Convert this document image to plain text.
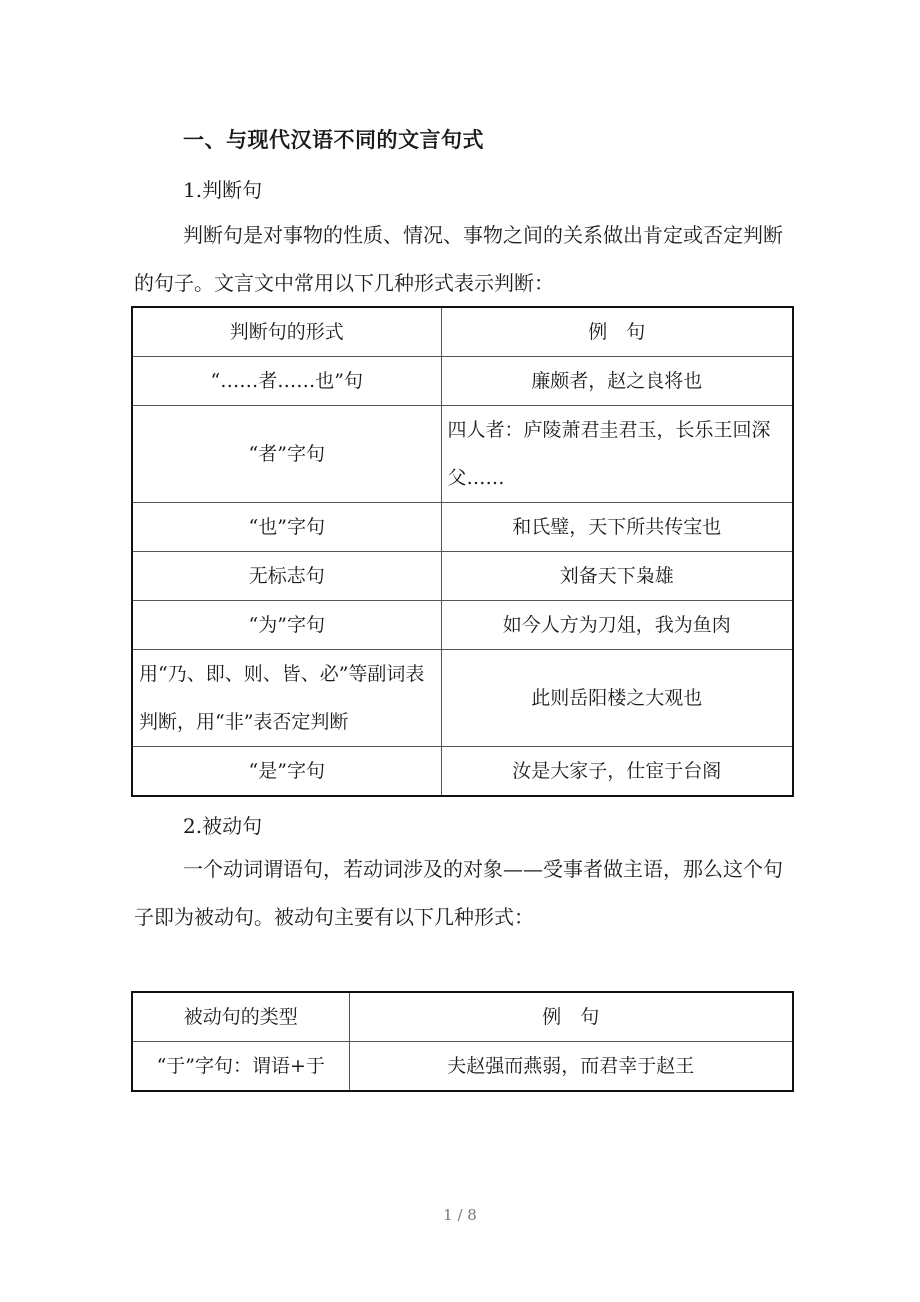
一、与现代汉语不同的文言句式
1.判断句
判断句是对事物的性质、情况、事物之间的关系做出肯定或否定判断的句子。文言文中常用以下几种形式表示判断：
判断句的形式	例　句
“……者……也”句	廉颇者，赵之良将也
“者”字句	四人者：庐陵萧君圭君玉，长乐王回深父……
“也”字句	和氏璧，天下所共传宝也
无标志句	刘备天下枭雄
“为”字句	如今人方为刀俎，我为鱼肉
用“乃、即、则、皆、必”等副词表判断，用“非”表否定判断	此则岳阳楼之大观也
“是”字句	汝是大家子，仕宦于台阁
2.被动句
一个动词谓语句，若动词涉及的对象——受事者做主语，那么这个句子即为被动句。被动句主要有以下几种形式：
被动句的类型	例　句
“于”字句：谓语+于	夫赵强而燕弱，而君幸于赵王
1 / 8
